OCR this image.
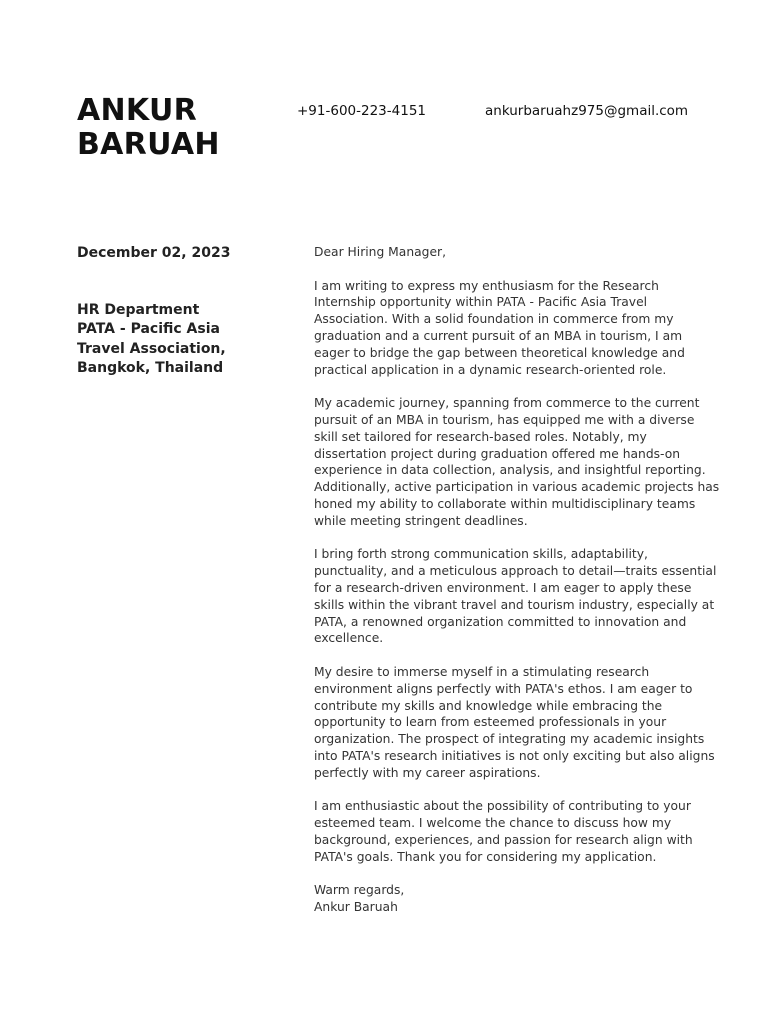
ANKUR
BARUAH
+91-600-223-4151	ankurbaruahz975@gmail.com
December 02, 2023
HR Department
PATA - Pacific Asia
Travel Association,
Bangkok, Thailand

Dear Hiring Manager,

I am writing to express my enthusiasm for the Research
Internship opportunity within PATA - Pacific Asia Travel
Association. With a solid foundation in commerce from my
graduation and a current pursuit of an MBA in tourism, I am
eager to bridge the gap between theoretical knowledge and
practical application in a dynamic research-oriented role.

My academic journey, spanning from commerce to the current
pursuit of an MBA in tourism, has equipped me with a diverse
skill set tailored for research-based roles. Notably, my
dissertation project during graduation offered me hands-on
experience in data collection, analysis, and insightful reporting.
Additionally, active participation in various academic projects has
honed my ability to collaborate within multidisciplinary teams
while meeting stringent deadlines.

I bring forth strong communication skills, adaptability,
punctuality, and a meticulous approach to detail—traits essential
for a research-driven environment. I am eager to apply these
skills within the vibrant travel and tourism industry, especially at
PATA, a renowned organization committed to innovation and
excellence.

My desire to immerse myself in a stimulating research
environment aligns perfectly with PATA's ethos. I am eager to
contribute my skills and knowledge while embracing the
opportunity to learn from esteemed professionals in your
organization. The prospect of integrating my academic insights
into PATA's research initiatives is not only exciting but also aligns
perfectly with my career aspirations.

I am enthusiastic about the possibility of contributing to your
esteemed team. I welcome the chance to discuss how my
background, experiences, and passion for research align with
PATA's goals. Thank you for considering my application.

Warm regards,
Ankur Baruah
